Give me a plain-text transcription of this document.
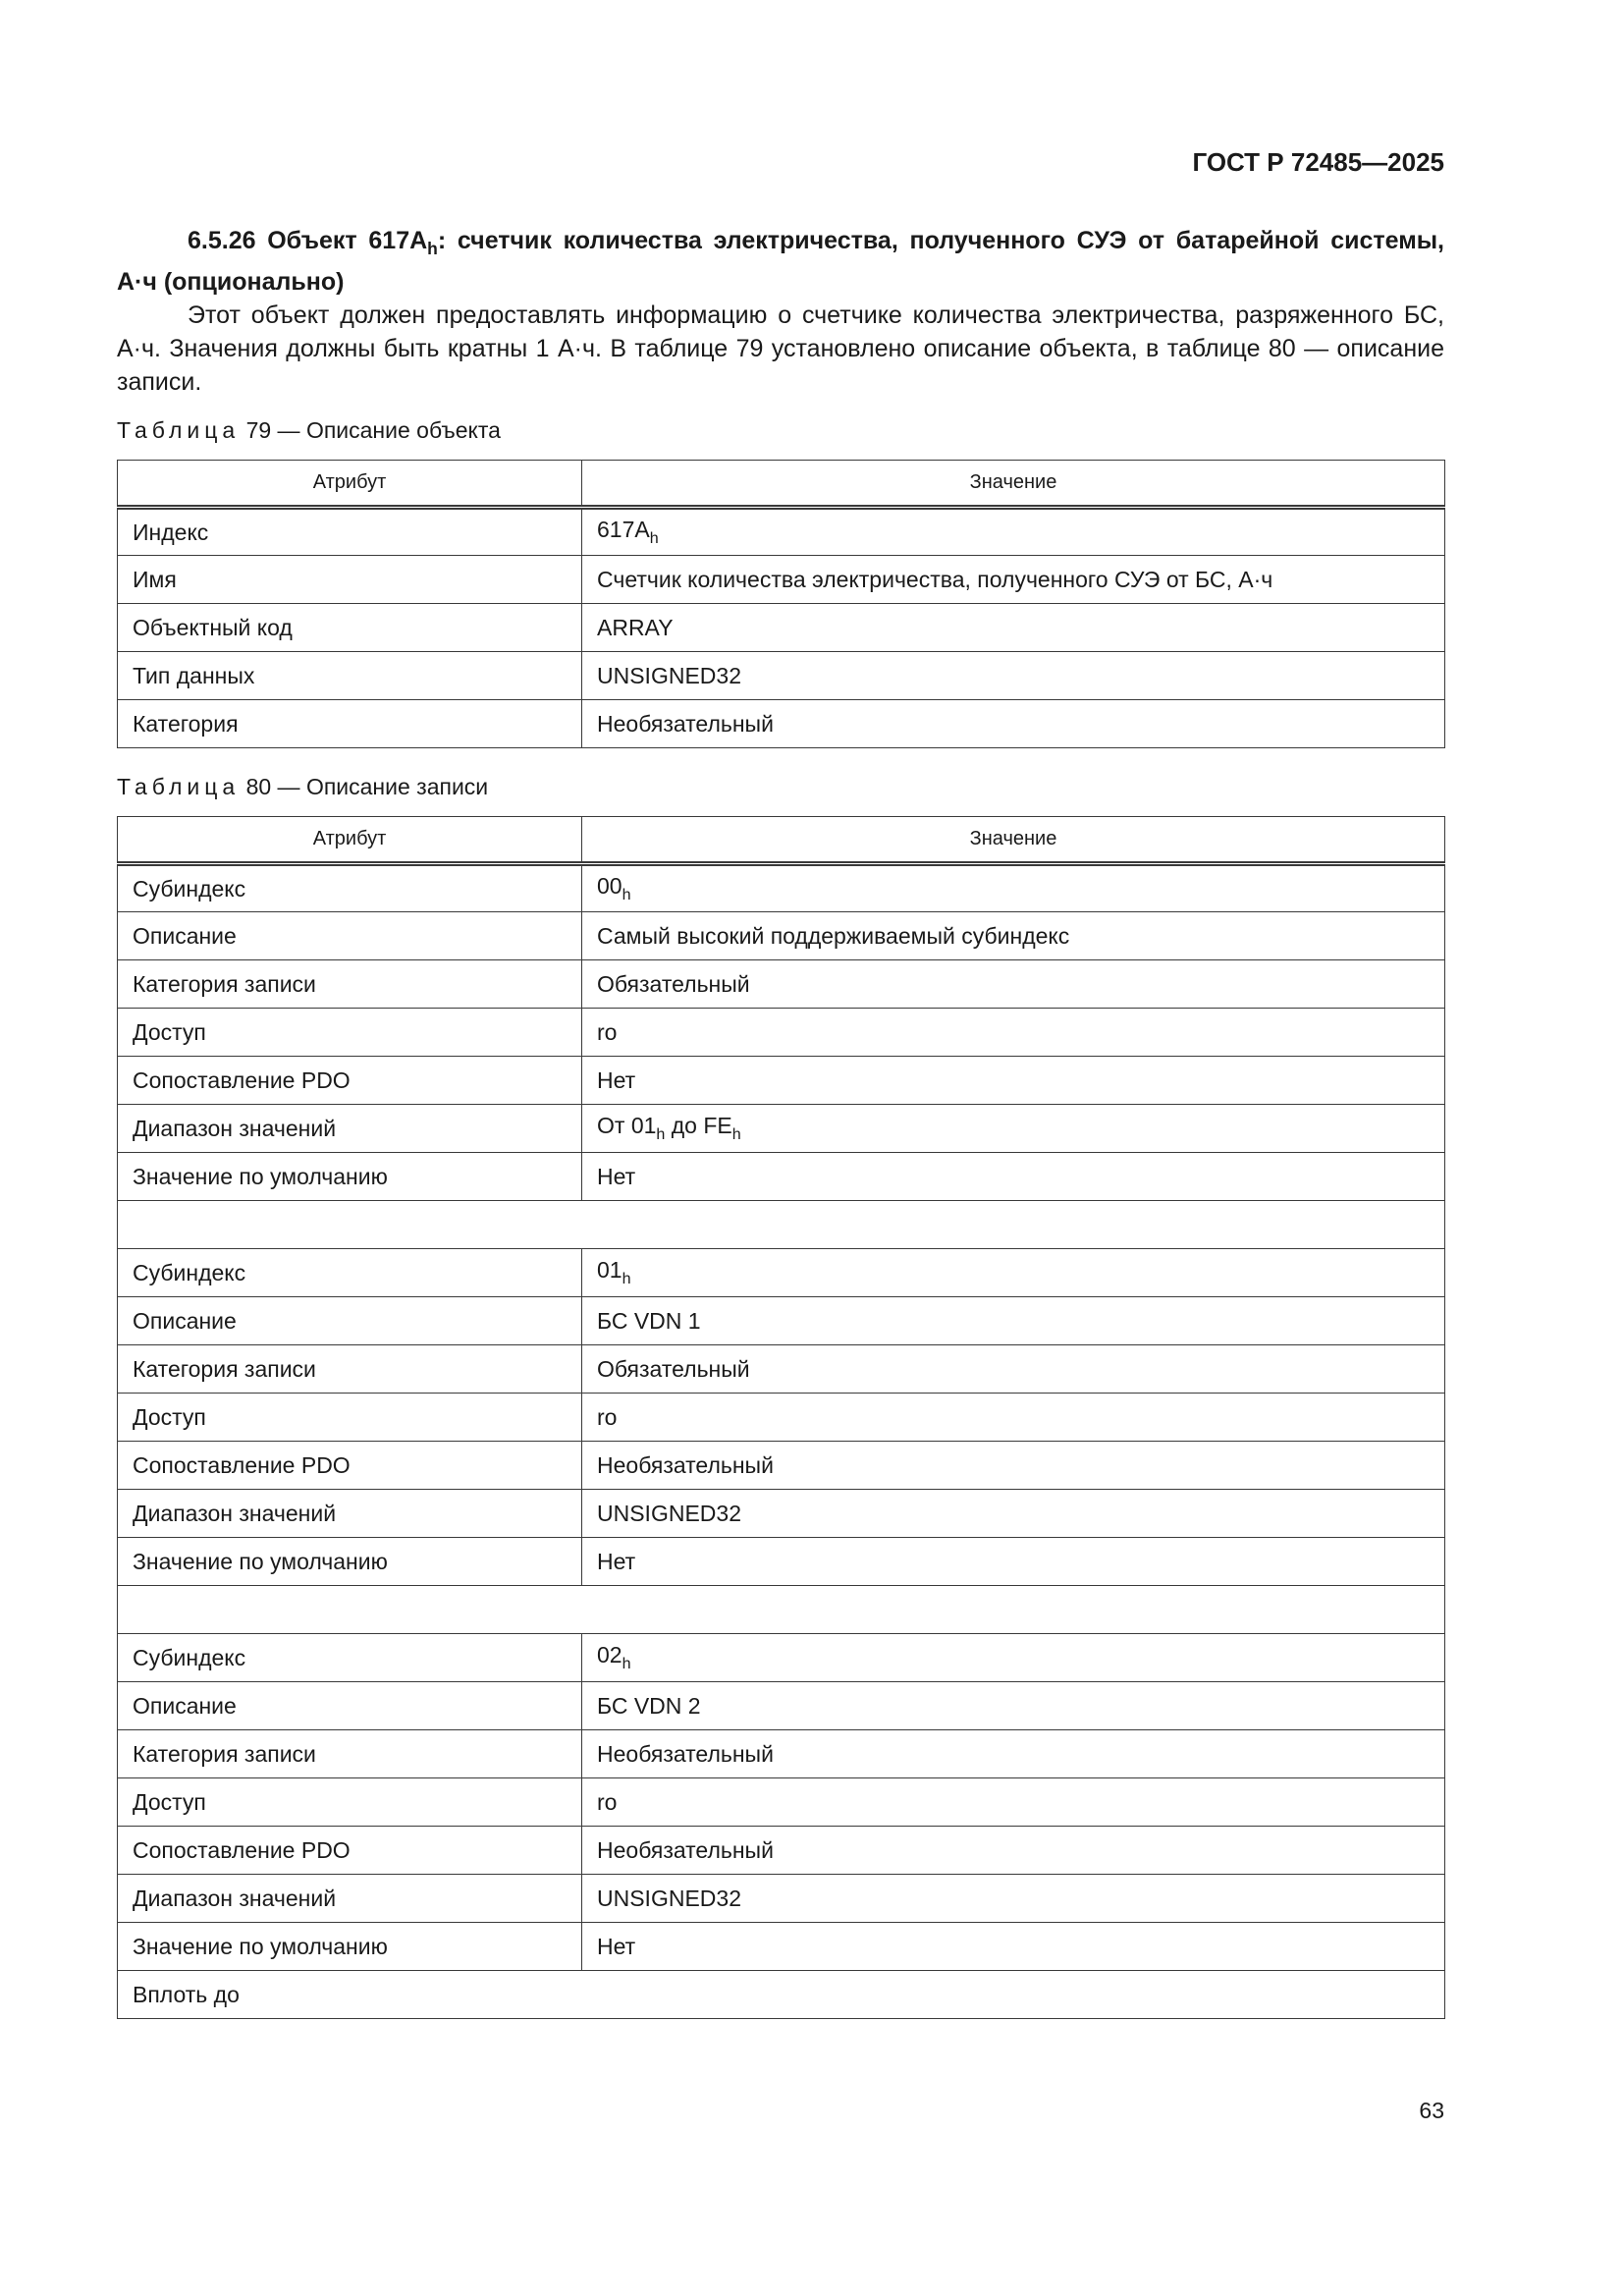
ГОСТ Р 72485—2025

6.5.26 Объект $617A_h$: счетчик количества электричества, полученного СУЭ от батарейной системы, А·ч (опционально)

Этот объект должен предоставлять информацию о счетчике количества электричества, разряженного БС, А·ч. Значения должны быть кратны 1 А·ч. В таблице 79 установлено описание объекта, в таблице 80 — описание записи.

Таблица 79 — Описание объекта
Атрибут	Значение
Индекс	$617A_h$
Имя	Счетчик количества электричества, полученного СУЭ от БС, А·ч
Объектный код	ARRAY
Тип данных	UNSIGNED32
Категория	Необязательный
Таблица 80 — Описание записи
Атрибут	Значение
Субиндекс	$00_h$
Описание	Самый высокий поддерживаемый субиндекс
Категория записи	Обязательный
Доступ	ro
Сопоставление PDO	Нет
Диапазон значений	От $01_h$ до $FE_h$
Значение по умолчанию	Нет

Субиндекс	$01_h$
Описание	БС VDN 1
Категория записи	Обязательный
Доступ	ro
Сопоставление PDO	Необязательный
Диапазон значений	UNSIGNED32
Значение по умолчанию	Нет

Субиндекс	$02_h$
Описание	БС VDN 2
Категория записи	Необязательный
Доступ	ro
Сопоставление PDO	Необязательный
Диапазон значений	UNSIGNED32
Значение по умолчанию	Нет
Вплоть до	
63
